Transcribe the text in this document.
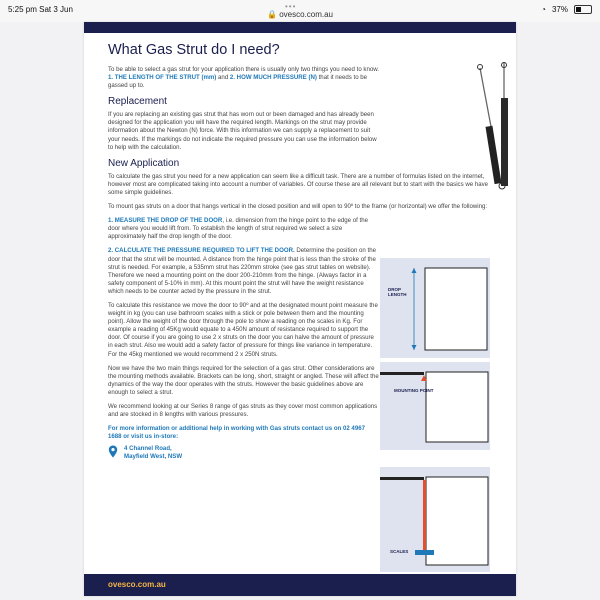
5:25 pm Sat 3 Jun	•••
🔒 ovesco.com.au
◔ 37%
What Gas Strut do I need?

To be able to select a gas strut for your application there is usually only two things you need to know. 1. THE LENGTH OF THE STRUT (mm) and 2. HOW MUCH PRESSURE (N) that it needs to be gassed up to.

Replacement

If you are replacing an existing gas strut that has worn out or been damaged and has already been designed for the application you will have the required length. Markings on the strut may provide information about the Newton (N) force. With this information we can supply a replacement to suit your needs. If the markings do not indicate the required pressure you can use the information below to help with the calculation.

New Application

To calculate the gas strut you need for a new application can seem like a difficult task. There are a number of formulas listed on the internet, however most are complicated taking into account a number of variables. Of course these are all relevant but to start with the basics we have some simple guidelines.

To mount gas struts on a door that hangs vertical in the closed position and will open to 90º to the frame (or horizontal) we offer the following:

1. MEASURE THE DROP OF THE DOOR, i.e. dimension from the hinge point to the edge of the door where you would lift from. To establish the length of strut required we select a size approximately half the drop length of the door.

2. CALCULATE THE PRESSURE REQUIRED TO LIFT THE DOOR. Determine the position on the door that the strut will be mounted. A distance from the hinge point that is less than the stroke of the strut is needed. For example, a 535mm strut has 220mm stroke (see gas strut tables on website). Therefore we need a mounting point on the door 200-210mm from the hinge. (Always factor in a safety component of 5-10% in mm). At this mount point the strut will have the weight resistance which needs to be counter acted by the pressure in the strut.

To calculate this resistance we move the door to 90º and at the designated mount point measure the weight in kg (you can use bathroom scales with a stick or pole between them and the mounting point). Allow the weight of the door through the pole to show a reading on the scales in Kg. For example a reading of 45Kg would equate to a 450N amount of resistance required to support the door. Of course if you are going to use 2 x struts on the door you can halve the amount of pressure in each strut. Also we would add a safety factor of pressure for things like variance in temperature. For the 45kg mentioned we would recommend 2 x 250N struts.

Now we have the two main things required for the selection of a gas strut. Other considerations are the mounting methods available. Brackets can be long, short, straight or angled. These will affect the dynamics of the way the door operates with the struts. However the basic guidelines above are enough to select a strut.

We recommend looking at our Series 8 range of gas struts as they cover most common applications and are stocked in 8 lengths with various pressures.

For more information or additional help in working with Gas struts contact us on 02 4967 1688 or visit us in-store:
4 Channel Road,
Mayfield West, NSW
DROP
LENGTH
MOUNTING POINT
SCALES
ovesco.com.au
